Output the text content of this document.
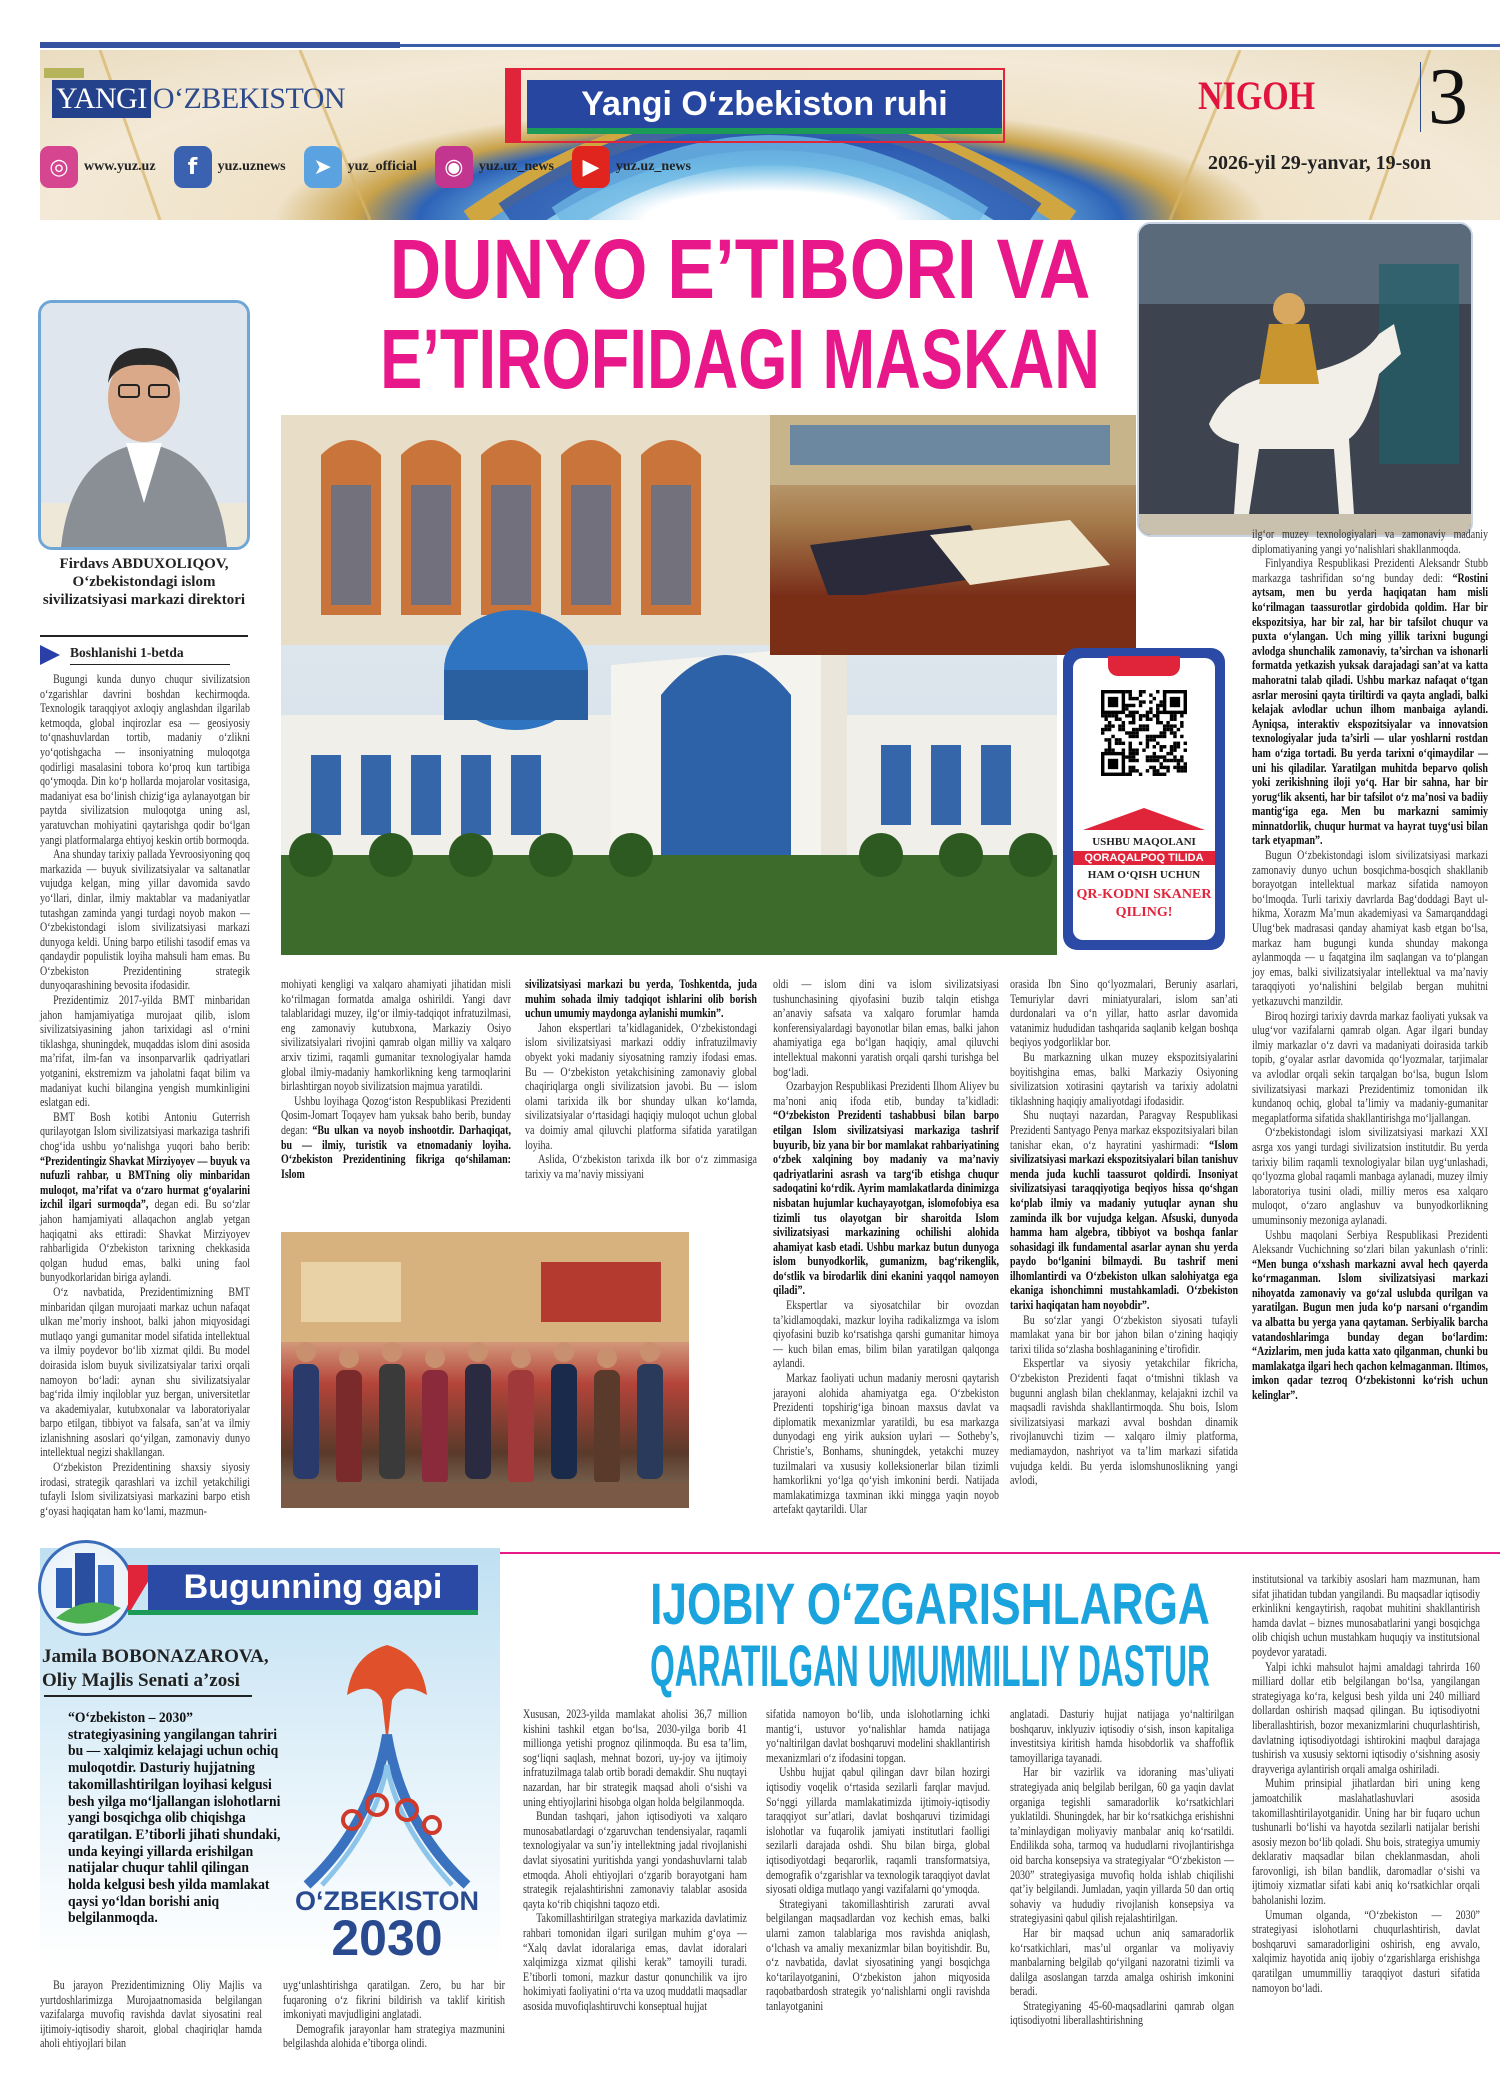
YANGI O‘ZBEKISTON	Yangi O‘zbekiston ruhi	NIGOH 3
2026-yil 29-yanvar, 19-son
◎	www.yuz.uz	f	yuz.uznews	➤	yuz_official	◉	yuz.uz_news	▶	yuz.uz_news
Firdavs ABDUXOLIQOV,
O‘zbekistondagi islom sivilizatsiyasi markazi direktori
Boshlanishi 1-betda
DUNYO E’TIBORI VA
E’TIROFIDAGI MASKAN
USHBU MAQOLANI
QORAQALPOQ TILIDA
HAM O‘QISH UCHUN
QR-KODNI SKANER QILING!

Bugungi kunda dunyo chuqur sivilizatsion o‘zgarishlar davrini boshdan kechirmoqda. Texnologik taraqqiyot axloqiy anglashdan ilgarilab ketmoqda, global inqirozlar esa — geosiyosiy to‘qnashuvlardan tortib, madaniy o‘zlikni yo‘qotishgacha — insoniyatning muloqotga qodirligi masalasini tobora ko‘proq kun tartibiga qo‘ymoqda. Din ko‘p hollarda mojarolar vositasiga, madaniyat esa bo‘linish chizig‘iga aylanayotgan bir paytda sivilizatsion muloqotga uning asl, yaratuvchan mohiyatini qaytarishga qodir bo‘lgan yangi platformalarga ehtiyoj keskin ortib bormoqda.

Ana shunday tarixiy pallada Yevroosiyoning qoq markazida — buyuk sivilizatsiyalar va saltanatlar vujudga kelgan, ming yillar davomida savdo yo‘llari, dinlar, ilmiy maktablar va madaniyatlar tutashgan zaminda yangi turdagi noyob makon — O‘zbekistondagi islom sivilizatsiyasi markazi dunyoga keldi. Uning barpo etilishi tasodif emas va qandaydir populistik loyiha mahsuli ham emas. Bu O‘zbekiston Prezidentining strategik dunyoqarashining bevosita ifodasidir.

Prezidentimiz 2017-yilda BMT minbaridan jahon hamjamiyatiga murojaat qilib, islom sivilizatsiyasining jahon tarixidagi asl o‘rnini tiklashga, shuningdek, muqaddas islom dini asosida ma’rifat, ilm-fan va insonparvarlik qadriyatlari yotganini, ekstremizm va jaholatni faqat bilim va madaniyat kuchi bilangina yengish mumkinligini eslatgan edi.

BMT Bosh kotibi Antoniu Guterrish qurilayotgan Islom sivilizatsiyasi markaziga tashrifi chog‘ida ushbu yo‘nalishga yuqori baho berib: “Prezidentingiz Shavkat Mirziyoyev — buyuk va nufuzli rahbar, u BMTning oliy minbaridan muloqot, ma’rifat va o‘zaro hurmat g‘oyalarini izchil ilgari surmoqda”, degan edi. Bu so‘zlar jahon hamjamiyati allaqachon anglab yetgan haqiqatni aks ettiradi: Shavkat Mirziyoyev rahbarligida O‘zbekiston tarixning chekkasida qolgan hudud emas, balki uning faol bunyodkorlaridan biriga aylandi.

O‘z navbatida, Prezidentimizning BMT minbaridan qilgan murojaati markaz uchun nafaqat ulkan me’moriy inshoot, balki jahon miqyosidagi mutlaqo yangi gumanitar model sifatida intellektual va ilmiy poydevor bo‘lib xizmat qildi. Bu model doirasida islom buyuk sivilizatsiyalar tarixi orqali namoyon bo‘ladi: aynan shu sivilizatsiyalar bag‘rida ilmiy inqiloblar yuz bergan, universitetlar va akademiyalar, kutubxonalar va laboratoriyalar barpo etilgan, tibbiyot va falsafa, san’at va ilmiy izlanishning asoslari qo‘yilgan, zamonaviy dunyo intellektual negizi shakllangan.

O‘zbekiston Prezidentining shaxsiy siyosiy irodasi, strategik qarashlari va izchil yetakchiligi tufayli Islom sivilizatsiyasi markazini barpo etish g‘oyasi haqiqatan ham ko‘lami, mazmun-

mohiyati kengligi va xalqaro ahamiyati jihatidan misli ko‘rilmagan formatda amalga oshirildi. Yangi davr talablaridagi muzey, ilg‘or ilmiy-tadqiqot infratuzilmasi, eng zamonaviy kutubxona, Markaziy Osiyo sivilizatsiyalari rivojini qamrab olgan milliy va xalqaro arxiv tizimi, raqamli gumanitar texnologiyalar hamda global ilmiy-madaniy hamkorlikning keng tarmoqlarini birlashtirgan noyob sivilizatsion majmua yaratildi.

Ushbu loyihaga Qozog‘iston Respublikasi Prezidenti Qosim-Jomart Toqayev ham yuksak baho berib, bunday degan: “Bu ulkan va noyob inshootdir. Darhaqiqat, bu — ilmiy, turistik va etnomadaniy loyiha. O‘zbekiston Prezidentining fikriga qo‘shilaman: Islom

sivilizatsiyasi markazi bu yerda, Toshkentda, juda muhim sohada ilmiy tadqiqot ishlarini olib borish uchun umumiy maydonga aylanishi mumkin”.

Jahon ekspertlari ta’kidlaganidek, O‘zbekistondagi islom sivilizatsiyasi markazi oddiy infratuzilmaviy obyekt yoki madaniy siyosatning ramziy ifodasi emas. Bu — O‘zbekiston yetakchisining zamonaviy global chaqiriqlarga ongli sivilizatsion javobi. Bu — islom olami tarixida ilk bor shunday ulkan ko‘lamda, sivilizatsiyalar o‘rtasidagi haqiqiy muloqot uchun global va doimiy amal qiluvchi platforma sifatida yaratilgan loyiha.

Aslida, O‘zbekiston tarixda ilk bor o‘z zimmasiga tarixiy va ma’naviy missiyani

oldi — islom dini va islom sivilizatsiyasi tushunchasining qiyofasini buzib talqin etishga an’anaviy safsata va xalqaro forumlar hamda konferensiyalardagi bayonotlar bilan emas, balki jahon ahamiyatiga ega bo‘lgan haqiqiy, amal qiluvchi intellektual makonni yaratish orqali qarshi turishga bel bog‘ladi.

Ozarbayjon Respublikasi Prezidenti Ilhom Aliyev bu ma’noni aniq ifoda etib, bunday ta’kidladi: “O‘zbekiston Prezidenti tashabbusi bilan barpo etilgan Islom sivilizatsiyasi markaziga tashrif buyurib, biz yana bir bor mamlakat rahbariyatining o‘zbek xalqining boy madaniy va ma’naviy qadriyatlarini asrash va targ‘ib etishga chuqur sadoqatini ko‘rdik. Ayrim mamlakatlarda dinimizga nisbatan hujumlar kuchayayotgan, islomofobiya esa tizimli tus olayotgan bir sharoitda Islom sivilizatsiyasi markazining ochilishi alohida ahamiyat kasb etadi. Ushbu markaz butun dunyoga islom bunyodkorlik, gumanizm, bag‘rikenglik, do‘stlik va birodarlik dini ekanini yaqqol namoyon qiladi”.

Ekspertlar va siyosatchilar bir ovozdan ta’kidlamoqdaki, mazkur loyiha radikalizmga va islom qiyofasini buzib ko‘rsatishga qarshi gumanitar himoya — kuch bilan emas, bilim bilan yaratilgan qalqonga aylandi.

Markaz faoliyati uchun madaniy merosni qaytarish jarayoni alohida ahamiyatga ega. O‘zbekiston Prezidenti topshirig‘iga binoan maxsus davlat va diplomatik mexanizmlar yaratildi, bu esa markazga dunyodagi eng yirik auksion uylari — Sotheby’s, Christie’s, Bonhams, shuningdek, yetakchi muzey tuzilmalari va xususiy kolleksionerlar bilan tizimli hamkorlikni yo‘lga qo‘yish imkonini berdi. Natijada mamlakatimizga taxminan ikki mingga yaqin noyob artefakt qaytarildi. Ular

orasida Ibn Sino qo‘lyozmalari, Beruniy asarlari, Temuriylar davri miniatyuralari, islom san’ati durdonalari va o‘n yillar, hatto asrlar davomida vatanimiz hududidan tashqarida saqlanib kelgan boshqa beqiyos yodgorliklar bor.

Bu markazning ulkan muzey ekspozitsiyalarini boyitishgina emas, balki Markaziy Osiyoning sivilizatsion xotirasini qaytarish va tarixiy adolatni tiklashning haqiqiy amaliyotdagi ifodasidir.

Shu nuqtayi nazardan, Paragvay Respublikasi Prezidenti Santyago Penya markaz ekspozitsiyalari bilan tanishar ekan, o‘z hayratini yashirmadi: “Islom sivilizatsiyasi markazi ekspozitsiyalari bilan tanishuv menda juda kuchli taassurot qoldirdi. Insoniyat sivilizatsiyasi taraqqiyotiga beqiyos hissa qo‘shgan ko‘plab ilmiy va madaniy yutuqlar aynan shu zaminda ilk bor vujudga kelgan. Afsuski, dunyoda hamma ham algebra, tibbiyot va boshqa fanlar sohasidagi ilk fundamental asarlar aynan shu yerda paydo bo‘lganini bilmaydi. Bu tashrif meni ilhomlantirdi va O‘zbekiston ulkan salohiyatga ega ekaniga ishonchimni mustahkamladi. O‘zbekiston tarixi haqiqatan ham noyobdir”.

Bu so‘zlar yangi O‘zbekiston siyosati tufayli mamlakat yana bir bor jahon bilan o‘zining haqiqiy tarixi tilida so‘zlasha boshlaganining e’tirofidir.

Ekspertlar va siyosiy yetakchilar fikricha, O‘zbekiston Prezidenti faqat o‘tmishni tiklash va bugunni anglash bilan cheklanmay, kelajakni izchil va maqsadli ravishda shakllantirmoqda. Shu bois, Islom sivilizatsiyasi markazi avval boshdan dinamik rivojlanuvchi tizim — xalqaro ilmiy platforma, mediamaydon, nashriyot va ta’lim markazi sifatida vujudga keldi. Bu yerda islomshunoslikning yangi avlodi,

ilg‘or muzey texnologiyalari va zamonaviy madaniy diplomatiyaning yangi yo‘nalishlari shakllanmoqda.

Finlyandiya Respublikasi Prezidenti Aleksandr Stubb markazga tashrifidan so‘ng bunday dedi: “Rostini aytsam, men bu yerda haqiqatan ham misli ko‘rilmagan taassurotlar girdobida qoldim. Har bir ekspozitsiya, har bir zal, har bir tafsilot chuqur va puxta o‘ylangan. Uch ming yillik tarixni bugungi avlodga shunchalik zamonaviy, ta’sirchan va ishonarli formatda yetkazish yuksak darajadagi san’at va katta mahoratni talab qiladi. Ushbu markaz nafaqat o‘tgan asrlar merosini qayta tiriltirdi va qayta angladi, balki kelajak avlodlar uchun ilhom manbaiga aylandi. Ayniqsa, interaktiv ekspozitsiyalar va innovatsion texnologiyalar juda ta’sirli — ular yoshlarni rostdan ham o‘ziga tortadi. Bu yerda tarixni o‘qimaydilar — uni his qiladilar. Yaratilgan muhitda beparvo qolish yoki zerikishning iloji yo‘q. Har bir sahna, har bir yorug‘lik aksenti, har bir tafsilot o‘z ma’nosi va badiiy mantig‘iga ega. Men bu markazni samimiy minnatdorlik, chuqur hurmat va hayrat tuyg‘usi bilan tark etyapman”.

Bugun O‘zbekistondagi islom sivilizatsiyasi markazi zamonaviy dunyo uchun bosqichma-bosqich shakllanib borayotgan intellektual markaz sifatida namoyon bo‘lmoqda. Turli tarixiy davrlarda Bag‘doddagi Bayt ul-hikma, Xorazm Ma’mun akademiyasi va Samarqanddagi Ulug‘bek madrasasi qanday ahamiyat kasb etgan bo‘lsa, markaz ham bugungi kunda shunday makonga aylanmoqda — u faqatgina ilm saqlangan va to‘plangan joy emas, balki sivilizatsiyalar intellektual va ma’naviy taraqqiyoti yo‘nalishini belgilab bergan muhitni yetkazuvchi manzildir.

Biroq hozirgi tarixiy davrda markaz faoliyati yuksak va ulug‘vor vazifalarni qamrab olgan. Agar ilgari bunday ilmiy markazlar o‘z davri va madaniyati doirasida tarkib topib, g‘oyalar asrlar davomida qo‘lyozmalar, tarjimalar va avlodlar orqali sekin tarqalgan bo‘lsa, bugun Islom sivilizatsiyasi markazi Prezidentimiz tomonidan ilk kundanoq ochiq, global ta’limiy va madaniy-gumanitar megaplatforma sifatida shakllantirishga mo‘ljallangan.

O‘zbekistondagi islom sivilizatsiyasi markazi XXI asrga xos yangi turdagi sivilizatsion institutdir. Bu yerda tarixiy bilim raqamli texnologiyalar bilan uyg‘unlashadi, qo‘lyozma global raqamli manbaga aylanadi, muzey ilmiy laboratoriya tusini oladi, milliy meros esa xalqaro muloqot, o‘zaro anglashuv va bunyodkorlikning umuminsoniy mezoniga aylanadi.

Ushbu maqolani Serbiya Respublikasi Prezidenti Aleksandr Vuchichning so‘zlari bilan yakunlash o‘rinli: “Men bunga o‘xshash markazni avval hech qayerda ko‘rmaganman. Islom sivilizatsiyasi markazi nihoyatda zamonaviy va go‘zal uslubda qurilgan va yaratilgan. Bugun men juda ko‘p narsani o‘rgandim va albatta bu yerga yana qaytaman. Serbiyalik barcha vatandoshlarimga bunday degan bo‘lardim: “Azizlarim, men juda katta xato qilganman, chunki bu mamlakatga ilgari hech qachon kelmaganman. Iltimos, imkon qadar tezroq O‘zbekistonni ko‘rish uchun kelinglar”.

Bugunning gapi
Jamila BOBONAZAROVA,
Oliy Majlis Senati a’zosi
“O‘zbekiston – 2030” strategiyasining yangilangan tahriri bu — xalqimiz kelajagi uchun ochiq muloqotdir. Dasturiy hujjatning takomillashtirilgan loyihasi kelgusi besh yilga mo‘ljallangan islohotlarni yangi bosqichga olib chiqishga qaratilgan. E’tiborli jihati shundaki, unda keyingi yillarda erishilgan natijalar chuqur tahlil qilingan holda kelgusi besh yilda mamlakat qaysi yo‘ldan borishi aniq belgilanmoqda.
O‘ZBEKISTON
2030
IJOBIY O‘ZGARISHLARGA
QARATILGAN UMUMMILLIY DASTUR

Bu jarayon Prezidentimizning Oliy Majlis va yurtdoshlarimizga Murojaatnomasida belgilangan vazifalarga muvofiq ravishda davlat siyosatini real ijtimoiy-iqtisodiy sharoit, global chaqiriqlar hamda aholi ehtiyojlari bilan

uyg‘unlashtirishga qaratilgan. Zero, bu har bir fuqaroning o‘z fikrini bildirish va taklif kiritish imkoniyati mavjudligini anglatadi.

Demografik jarayonlar ham strategiya mazmunini belgilashda alohida e’tiborga olindi.

Xususan, 2023-yilda mamlakat aholisi 36,7 million kishini tashkil etgan bo‘lsa, 2030-yilga borib 41 millionga yetishi prognoz qilinmoqda. Bu esa ta’lim, sog‘liqni saqlash, mehnat bozori, uy-joy va ijtimoiy infratuzilmaga talab ortib boradi demakdir. Shu nuqtayi nazardan, har bir strategik maqsad aholi o‘sishi va uning ehtiyojlarini hisobga olgan holda belgilanmoqda.

Bundan tashqari, jahon iqtisodiyoti va xalqaro munosabatlardagi o‘zgaruvchan tendensiyalar, raqamli texnologiyalar va sun’iy intellektning jadal rivojlanishi davlat siyosatini yuritishda yangi yondashuvlarni talab etmoqda. Aholi ehtiyojlari o‘zgarib borayotgani ham strategik rejalashtirishni zamonaviy talablar asosida qayta ko‘rib chiqishni taqozo etdi.

Takomillashtirilgan strategiya markazida davlatimiz rahbari tomonidan ilgari surilgan muhim g‘oya — “Xalq davlat idoralariga emas, davlat idoralari xalqimizga xizmat qilishi kerak” tamoyili turadi. E’tiborli tomoni, mazkur dastur qonunchilik va ijro hokimiyati faoliyatini o‘rta va uzoq muddatli maqsadlar asosida muvofiqlashtiruvchi konseptual hujjat

sifatida namoyon bo‘lib, unda islohotlarning ichki mantig‘i, ustuvor yo‘nalishlar hamda natijaga yo‘naltirilgan davlat boshqaruvi modelini shakllantirish mexanizmlari o‘z ifodasini topgan.

Ushbu hujjat qabul qilingan davr bilan hozirgi iqtisodiy voqelik o‘rtasida sezilarli farqlar mavjud. So‘nggi yillarda mamlakatimizda ijtimoiy-iqtisodiy taraqqiyot sur’atlari, davlat boshqaruvi tizimidagi islohotlar va fuqarolik jamiyati institutlari faolligi sezilarli darajada oshdi. Shu bilan birga, global iqtisodiyotdagi beqarorlik, raqamli transformatsiya, demografik o‘zgarishlar va texnologik taraqqiyot davlat siyosati oldiga mutlaqo yangi vazifalarni qo‘ymoqda.

Strategiyani takomillashtirish zarurati avval belgilangan maqsadlardan voz kechish emas, balki ularni zamon talablariga mos ravishda aniqlash, o‘lchash va amaliy mexanizmlar bilan boyitishdir. Bu, o‘z navbatida, davlat siyosatining yangi bosqichga ko‘tarilayotganini, O‘zbekiston jahon miqyosida raqobatbardosh strategik yo‘nalishlarni ongli ravishda tanlayotganini

anglatadi. Dasturiy hujjat natijaga yo‘naltirilgan boshqaruv, inklyuziv iqtisodiy o‘sish, inson kapitaliga investitsiya kiritish hamda hisobdorlik va shaffoflik tamoyillariga tayanadi.

Har bir vazirlik va idoraning mas’uliyati strategiyada aniq belgilab berilgan, 60 ga yaqin davlat organiga tegishli samaradorlik ko‘rsatkichlari yuklatildi. Shuningdek, har bir ko‘rsatkichga erishishni ta’minlaydigan moliyaviy manbalar aniq ko‘rsatildi. Endilikda soha, tarmoq va hududlarni rivojlantirishga oid barcha konsepsiya va strategiyalar “O‘zbekiston — 2030” strategiyasiga muvofiq holda ishlab chiqilishi qat’iy belgilandi. Jumladan, yaqin yillarda 50 dan ortiq sohaviy va hududiy rivojlanish konsepsiya va strategiyasini qabul qilish rejalashtirilgan.

Har bir maqsad uchun aniq samaradorlik ko‘rsatkichlari, mas’ul organlar va moliyaviy manbalarning belgilab qo‘yilgani nazoratni tizimli va dalilga asoslangan tarzda amalga oshirish imkonini beradi.

Strategiyaning 45-60-maqsadlarini qamrab olgan iqtisodiyotni liberallashtirishning

institutsional va tarkibiy asoslari ham mazmunan, ham sifat jihatidan tubdan yangilandi. Bu maqsadlar iqtisodiy erkinlikni kengaytirish, raqobat muhitini shakllantirish hamda davlat – biznes munosabatlarini yangi bosqichga olib chiqish uchun mustahkam huquqiy va institutsional poydevor yaratadi.

Yalpi ichki mahsulot hajmi amaldagi tahrirda 160 milliard dollar etib belgilangan bo‘lsa, yangilangan strategiyaga ko‘ra, kelgusi besh yilda uni 240 milliard dollardan oshirish maqsad qilingan. Bu iqtisodiyotni liberallashtirish, bozor mexanizmlarini chuqurlashtirish, davlatning iqtisodiyotdagi ishtirokini maqbul darajaga tushirish va xususiy sektorni iqtisodiy o‘sishning asosiy drayveriga aylantirish orqali amalga oshiriladi.

Muhim prinsipial jihatlardan biri uning keng jamoatchilik maslahatlashuvlari asosida takomillashtirilayotganidir. Uning har bir fuqaro uchun tushunarli bo‘lishi va hayotda sezilarli natijalar berishi asosiy mezon bo‘lib qoladi. Shu bois, strategiya umumiy deklarativ maqsadlar bilan cheklanmasdan, aholi farovonligi, ish bilan bandlik, daromadlar o‘sishi va ijtimoiy xizmatlar sifati kabi aniq ko‘rsatkichlar orqali baholanishi lozim.

Umuman olganda, “O‘zbekiston — 2030” strategiyasi islohotlarni chuqurlashtirish, davlat boshqaruvi samaradorligini oshirish, eng avvalo, xalqimiz hayotida aniq ijobiy o‘zgarishlarga erishishga qaratilgan umummilliy taraqqiyot dasturi sifatida namoyon bo‘ladi.
